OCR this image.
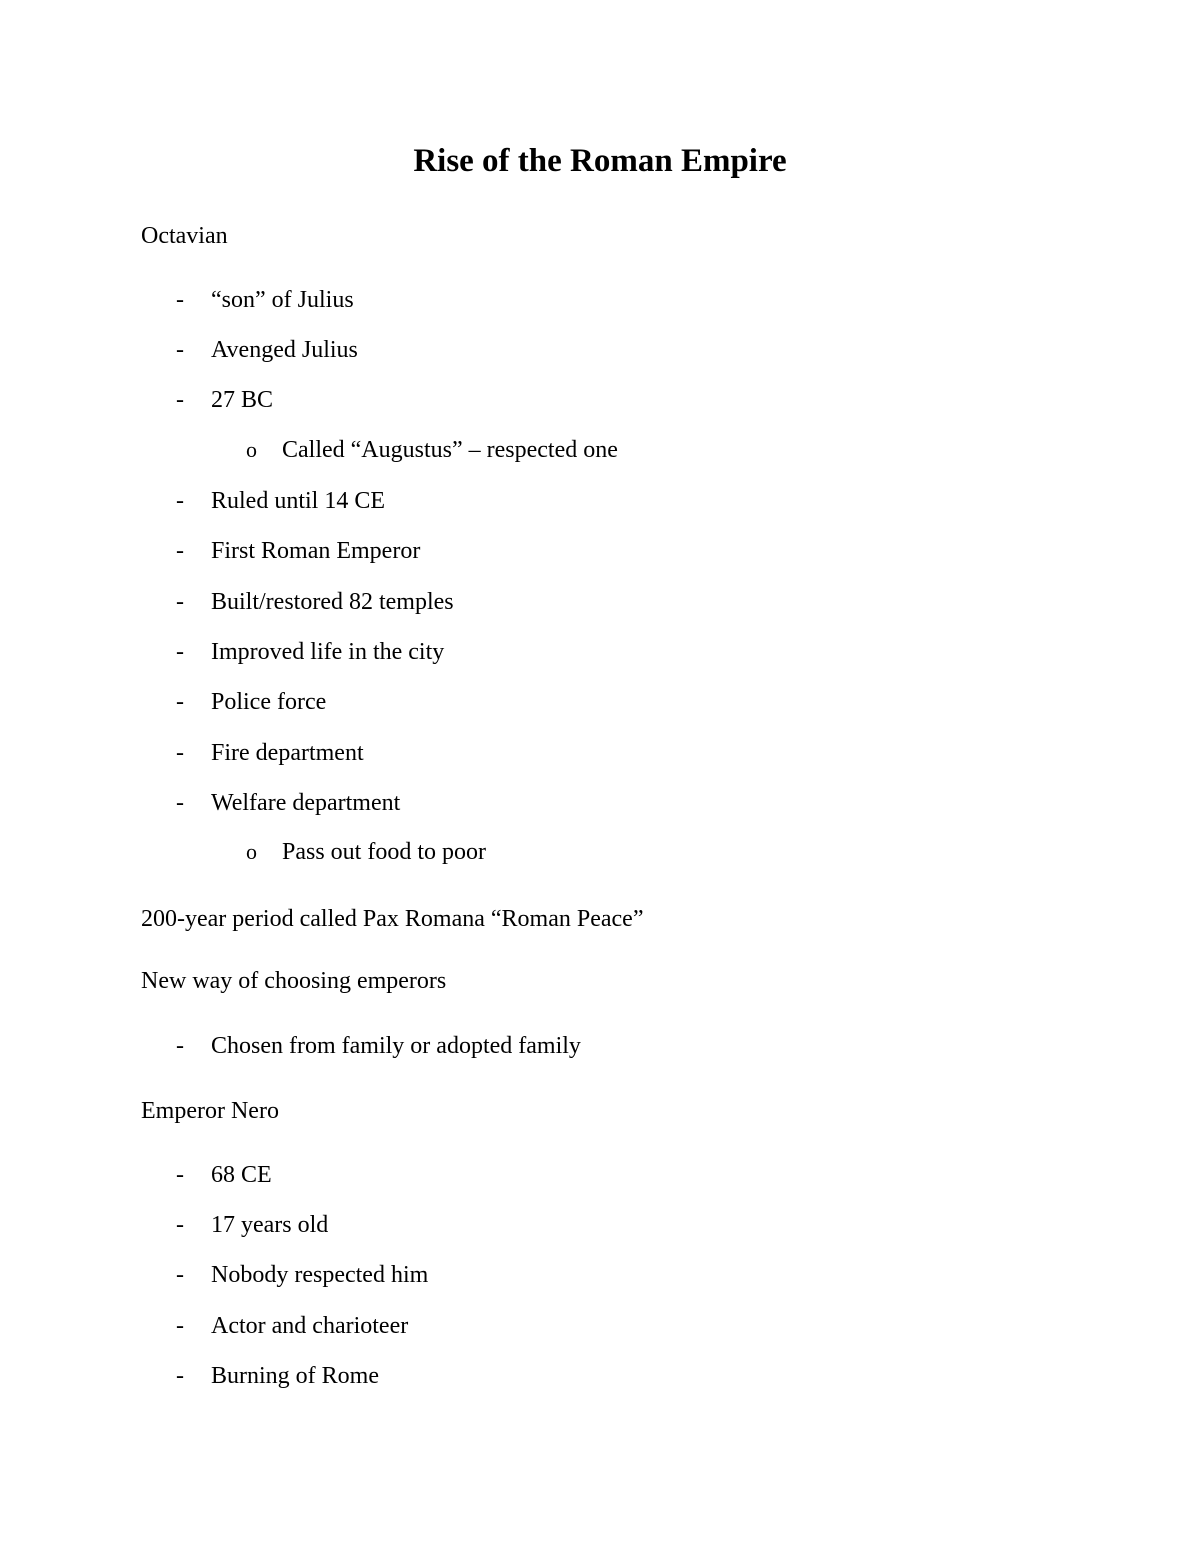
Rise of the Roman Empire
Octavian
- “son” of Julius
- Avenged Julius
- 27 BC
o Called “Augustus” – respected one
- Ruled until 14 CE
- First Roman Emperor
- Built/restored 82 temples
- Improved life in the city
- Police force
- Fire department
- Welfare department
o Pass out food to poor
200-year period called Pax Romana “Roman Peace”
New way of choosing emperors
- Chosen from family or adopted family
Emperor Nero
- 68 CE
- 17 years old
- Nobody respected him
- Actor and charioteer
- Burning of Rome
